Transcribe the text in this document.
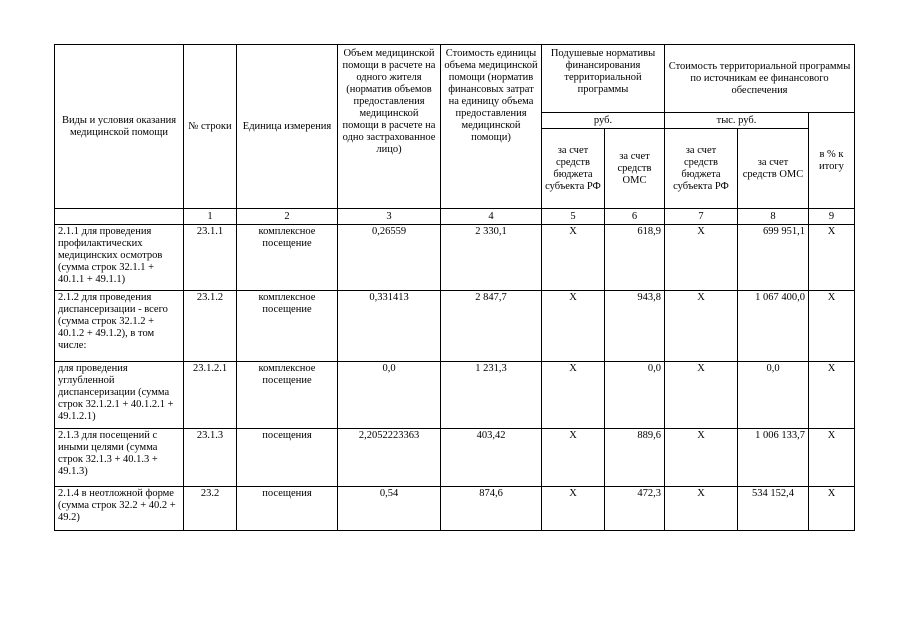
Виды и условия оказания медицинской помощи	№ строки	Единица измерения	Объем медицинской помощи в расчете на одного жителя (норматив объемов предоставления медицинской помощи в расчете на одно застрахованное лицо)	Стоимость единицы объема медицинской помощи (норматив финансовых затрат на единицу объема предоставления медицинской помощи)	Подушевые нормативы финансирования территориальной программы		Стоимость территориальной программы по источникам ее финансового обеспечения		
					руб.		тыс. руб.		в % к итогу
					за счет средств бюджета субъекта РФ	за счет средств ОМС	за счет средств бюджета субъекта РФ	за счет средств ОМС	
	1	2	3	4	5	6	7	8	9
2.1.1 для проведения профилактических медицинских осмотров (сумма строк 32.1.1 + 40.1.1 + 49.1.1)	23.1.1	комплексное посещение	0,26559	2 330,1	X	618,9	X	699 951,1	X
2.1.2 для проведения диспансеризации - всего (сумма строк 32.1.2 + 40.1.2 + 49.1.2), в том числе:	23.1.2	комплексное посещение	0,331413	2 847,7	X	943,8	X	1 067 400,0	X
для проведения углубленной диспансеризации (сумма строк 32.1.2.1 + 40.1.2.1 + 49.1.2.1)	23.1.2.1	комплексное посещение	0,0	1 231,3	X	0,0	X	0,0	X
2.1.3 для посещений с иными целями (сумма строк 32.1.3 + 40.1.3 + 49.1.3)	23.1.3	посещения	2,2052223363	403,42	X	889,6	X	1 006 133,7	X
2.1.4 в неотложной форме (сумма строк 32.2 + 40.2 + 49.2)	23.2	посещения	0,54	874,6	X	472,3	X	534 152,4	X
